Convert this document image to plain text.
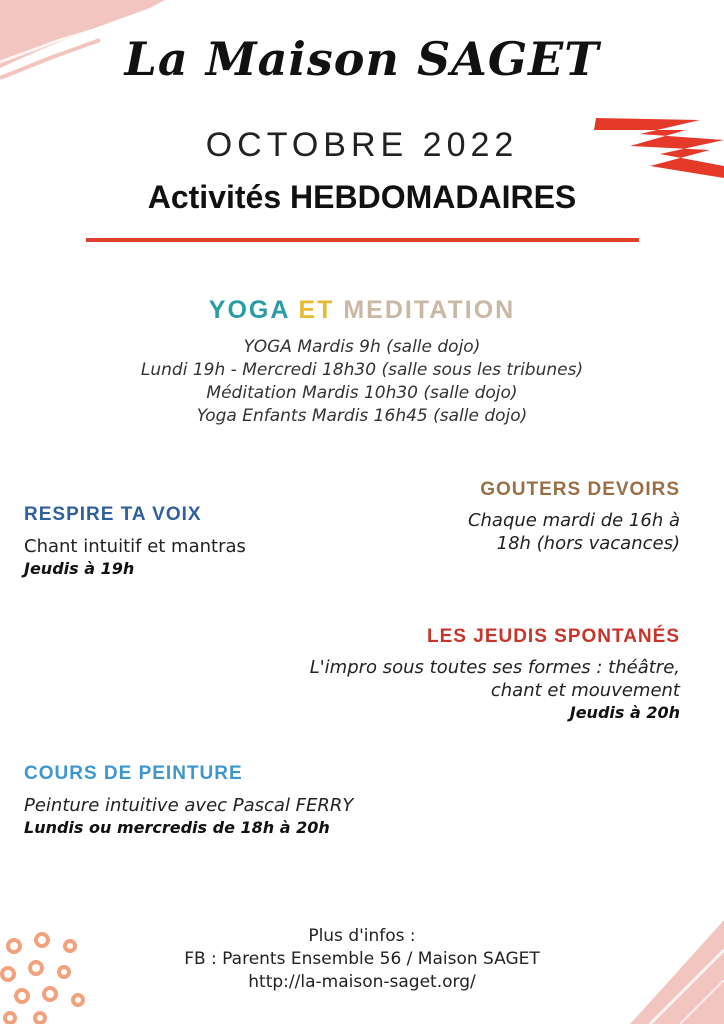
La Maison SAGET
OCTOBRE 2022
Activités HEBDOMADAIRES
YOGA ET MEDITATION
YOGA Mardis 9h (salle dojo)
Lundi 19h - Mercredi 18h30 (salle sous les tribunes)
Méditation Mardis 10h30 (salle dojo)
Yoga Enfants Mardis 16h45 (salle dojo)
GOUTERS DEVOIRS
Chaque mardi de 16h à
18h (hors vacances)
RESPIRE TA VOIX
Chant intuitif et mantras
Jeudis à 19h
LES JEUDIS SPONTANÉS
L'impro sous toutes ses formes : théâtre,
chant et mouvement
Jeudis à 20h
COURS DE PEINTURE
Peinture intuitive avec Pascal FERRY
Lundis ou mercredis de 18h à 20h
Plus d'infos :
FB : Parents Ensemble 56 / Maison SAGET
http://la-maison-saget.org/
